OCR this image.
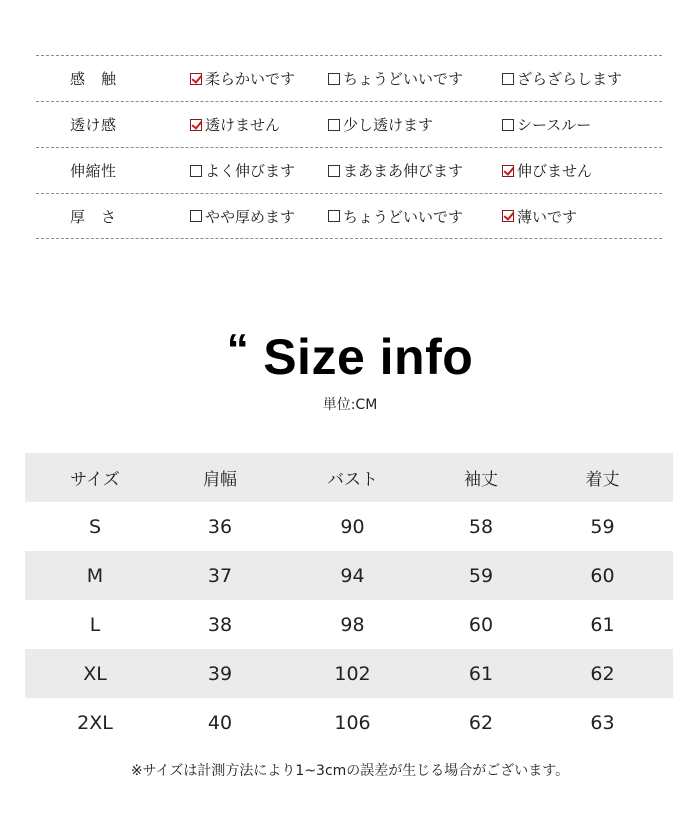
感　触	柔らかいです	ちょうどいいです	ざらざらします
透け感	透けません	少し透けます	シースルー
伸縮性	よく伸びます	まあまあ伸びます	伸びません
厚　さ	やや厚めます	ちょうどいいです	薄いです
“ Size info
単位:CM
サイズ	肩幅	バスト	袖丈	着丈
S	36	90	58	59
M	37	94	59	60
L	38	98	60	61
XL	39	102	61	62
2XL	40	106	62	63
※サイズは計測方法により1~3cmの誤差が生じる場合がございます。
